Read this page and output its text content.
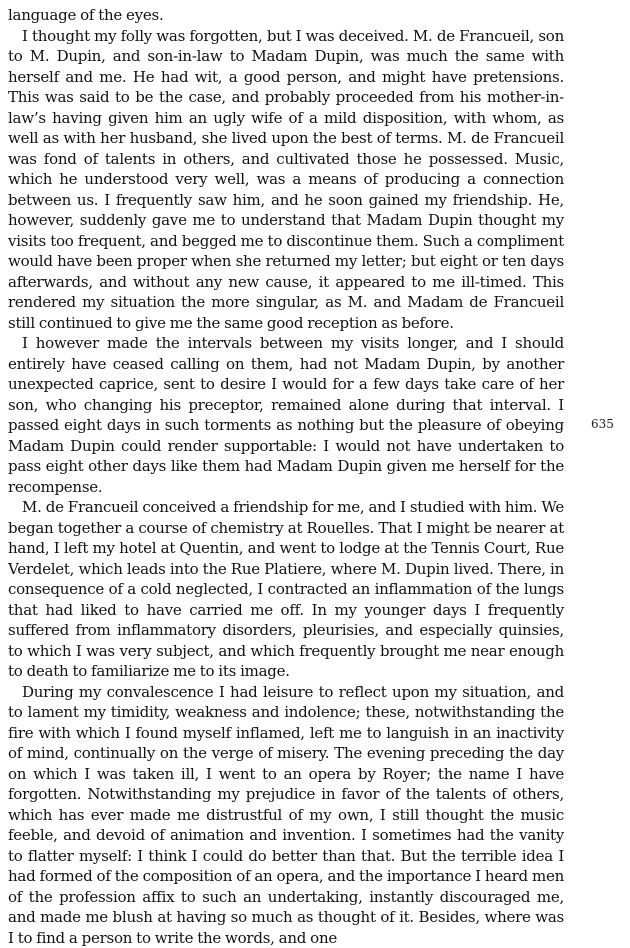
language of the eyes.

I thought my folly was forgotten, but I was deceived. M. de Francueil, son to M. Dupin, and son-in-law to Madam Dupin, was much the same with herself and me. He had wit, a good person, and might have pretensions. This was said to be the case, and probably proceeded from his mother-in-law’s having given him an ugly wife of a mild disposition, with whom, as well as with her husband, she lived upon the best of terms. M. de Francueil was fond of talents in others, and cultivated those he possessed. Music, which he understood very well, was a means of producing a connection between us. I frequently saw him, and he soon gained my friendship. He, however, suddenly gave me to understand that Madam Dupin thought my visits too frequent, and begged me to discontinue them. Such a compliment would have been proper when she returned my letter; but eight or ten days afterwards, and without any new cause, it appeared to me ill-timed. This rendered my situation the more singular, as M. and Madam de Francueil still continued to give me the same good reception as before.

I however made the intervals between my visits longer, and I should entirely have ceased calling on them, had not Madam Dupin, by another unexpected caprice, sent to desire I would for a few days take care of her son, who changing his preceptor, remained alone during that interval. I passed eight days in such torments as nothing but the pleasure of obeying Madam Dupin could render supportable: I would not have undertaken to pass eight other days like them had Madam Dupin given me herself for the recompense.

M. de Francueil conceived a friendship for me, and I studied with him. We began together a course of chemistry at Rouelles. That I might be nearer at hand, I left my hotel at Quentin, and went to lodge at the Tennis Court, Rue Verdelet, which leads into the Rue Platiere, where M. Dupin lived. There, in consequence of a cold neglected, I contracted an inflammation of the lungs that had liked to have carried me off. In my younger days I frequently suffered from inflammatory disorders, pleurisies, and especially quinsies, to which I was very subject, and which frequently brought me near enough to death to familiarize me to its image.

During my convalescence I had leisure to reflect upon my situation, and to lament my timidity, weakness and indolence; these, notwithstanding the fire with which I found myself inflamed, left me to languish in an inactivity of mind, continually on the verge of misery. The evening preceding the day on which I was taken ill, I went to an opera by Royer; the name I have forgotten. Notwithstanding my prejudice in favor of the talents of others, which has ever made me distrustful of my own, I still thought the music feeble, and devoid of animation and invention. I sometimes had the vanity to flatter myself: I think I could do better than that. But the terrible idea I had formed of the composition of an opera, and the importance I heard men of the profession affix to such an undertaking, instantly discouraged me, and made me blush at having so much as thought of it. Besides, where was I to find a person to write the words, and one

635
